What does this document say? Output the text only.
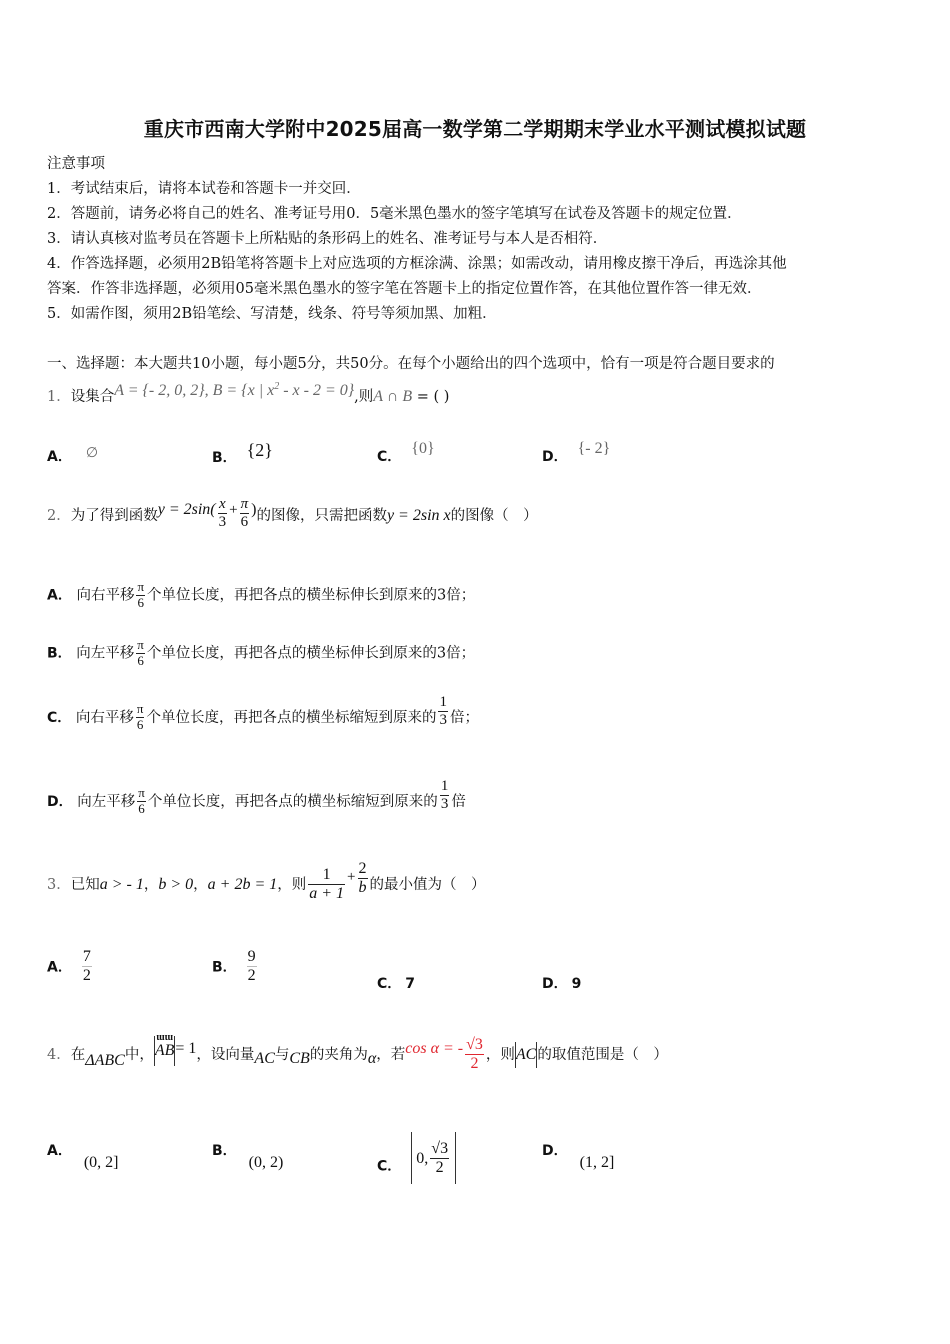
重庆市西南大学附中2025届高一数学第二学期期末学业水平测试模拟试题
注意事项
1．考试结束后，请将本试卷和答题卡一并交回．
2．答题前，请务必将自己的姓名、准考证号用0．5毫米黑色墨水的签字笔填写在试卷及答题卡的规定位置．
3．请认真核对监考员在答题卡上所粘贴的条形码上的姓名、准考证号与本人是否相符．
4．作答选择题，必须用2B铅笔将答题卡上对应选项的方框涂满、涂黑；如需改动，请用橡皮擦干净后，再选涂其他
答案．作答非选择题，必须用05毫米黑色墨水的签字笔在答题卡上的指定位置作答，在其他位置作答一律无效．
5．如需作图，须用2B铅笔绘、写清楚，线条、符号等须加黑、加粗．
一、选择题：本大题共10小题，每小题5分，共50分。在每个小题给出的四个选项中，恰有一项是符合题目要求的
1．设集合A = {- 2, 0, 2}, B = {x | $x^2 - x - 2 = 0$},则A ∩ B = ( )
A． ∅	B． {2}	C． {0}	D． {- 2}
2．为了得到函数$y = 2\sin( \frac{x}{3} + \frac{\pi}{6}$ )的图像，只需把函数y = 2sin x的图像（　）
A． 向右平移 $\frac{\pi}{6}$ 个单位长度，再把各点的横坐标伸长到原来的3倍；
B． 向左平移 $\frac{\pi}{6}$ 个单位长度，再把各点的横坐标伸长到原来的3倍；
C． 向右平移 $\frac{\pi}{6}$ 个单位长度，再把各点的横坐标缩短到原来的 $\frac{1}{3}$ 倍；
D． 向左平移 $\frac{\pi}{6}$ 个单位长度，再把各点的横坐标缩短到原来的 $\frac{1}{3}$ 倍
3．已知a > - 1，b > 0，a + 2b = 1，则 $\frac{1}{a + 1} + \frac{2}{b}$ 的最小值为（　）
A． $\frac{7}{2}$	B． $\frac{9}{2}$	C． 7	D． 9
4．在ΔABC中，
ɯɯ
AB = 1，设向量AC与CB的夹角为α，若cos α = - $\frac{√3}{2}$ ，则AC的取值范围是（　）
A．(0, 2]
B．(0, 2)	C． 0, $\frac{√3}{2}$	D．(1, 2]
